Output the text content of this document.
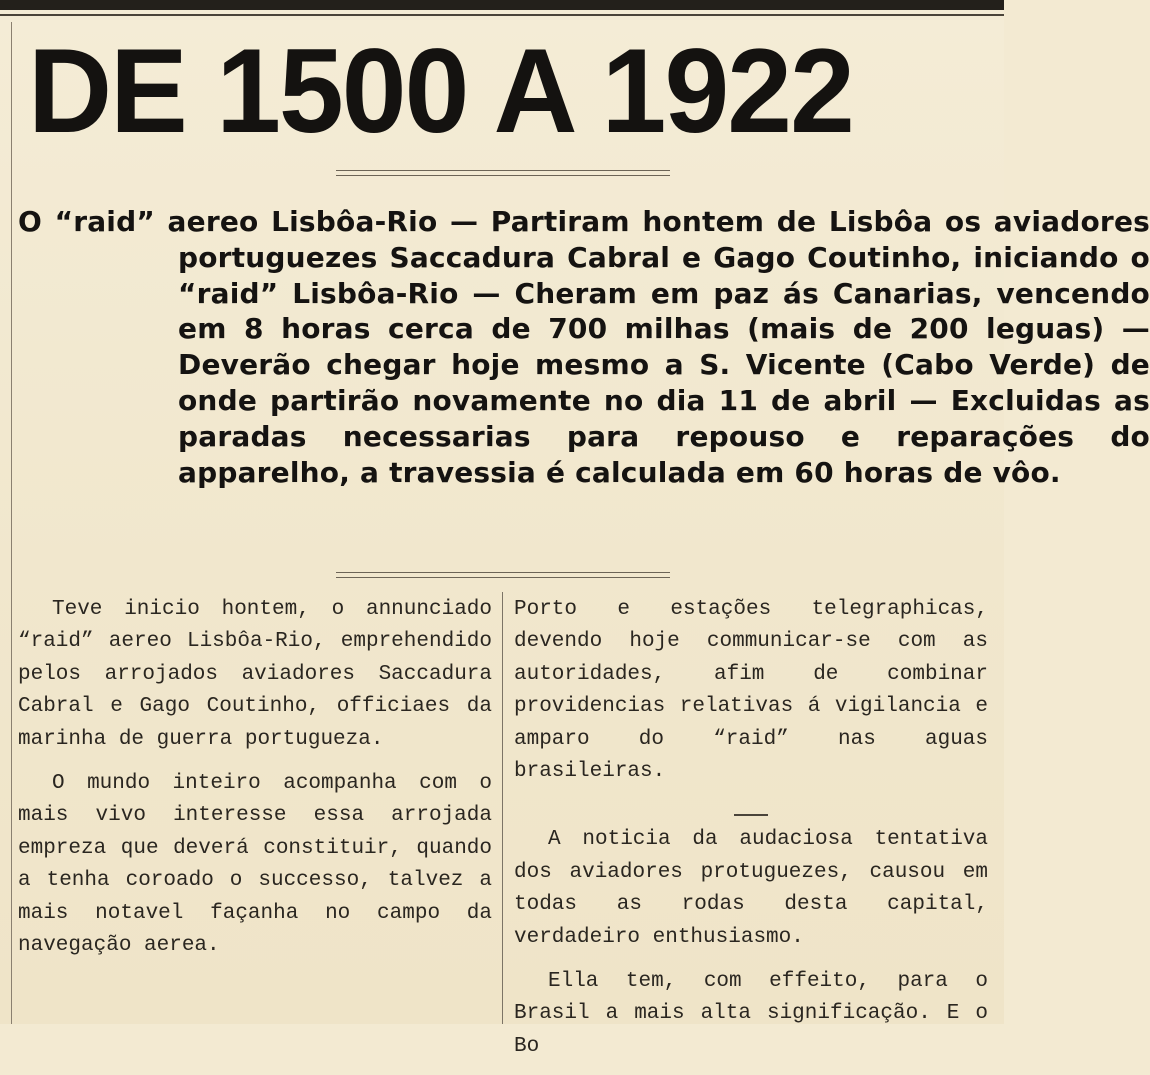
DE 1500 A 1922

O “raid” aereo Lisbôa-Rio — Partiram hontem de Lisbôa os aviadores portuguezes Saccadura Cabral e Gago Coutinho, iniciando o “raid” Lisbôa-Rio — Cheram em paz ás Canarias, vencendo em 8 horas cerca de 700 milhas (mais de 200 leguas) — Deverão chegar hoje mesmo a S. Vicente (Cabo Verde) de onde partirão novamente no dia 11 de abril — Excluidas as paradas necessarias para repouso e reparações do apparelho, a travessia é calculada em 60 horas de vôo.

Teve inicio hontem, o annunciado “raid” aereo Lisbôa-Rio, emprehendido pelos arrojados aviadores Saccadura Cabral e Gago Coutinho, officiaes da marinha de guerra portugueza.

O mundo inteiro acompanha com o mais vivo interesse essa arrojada empreza que deverá constituir, quando a tenha coroado o successo, talvez a mais notavel façanha no campo da navegação aerea.

Porto e estações telegraphicas, devendo hoje communicar-se com as autoridades, afim de combinar providencias relativas á vigilancia e amparo do “raid” nas aguas brasileiras.

A noticia da audaciosa tentativa dos aviadores protuguezes, causou em todas as rodas desta capital, verdadeiro enthusiasmo.

Ella tem, com effeito, para o Brasil a mais alta significação. E o Bo
